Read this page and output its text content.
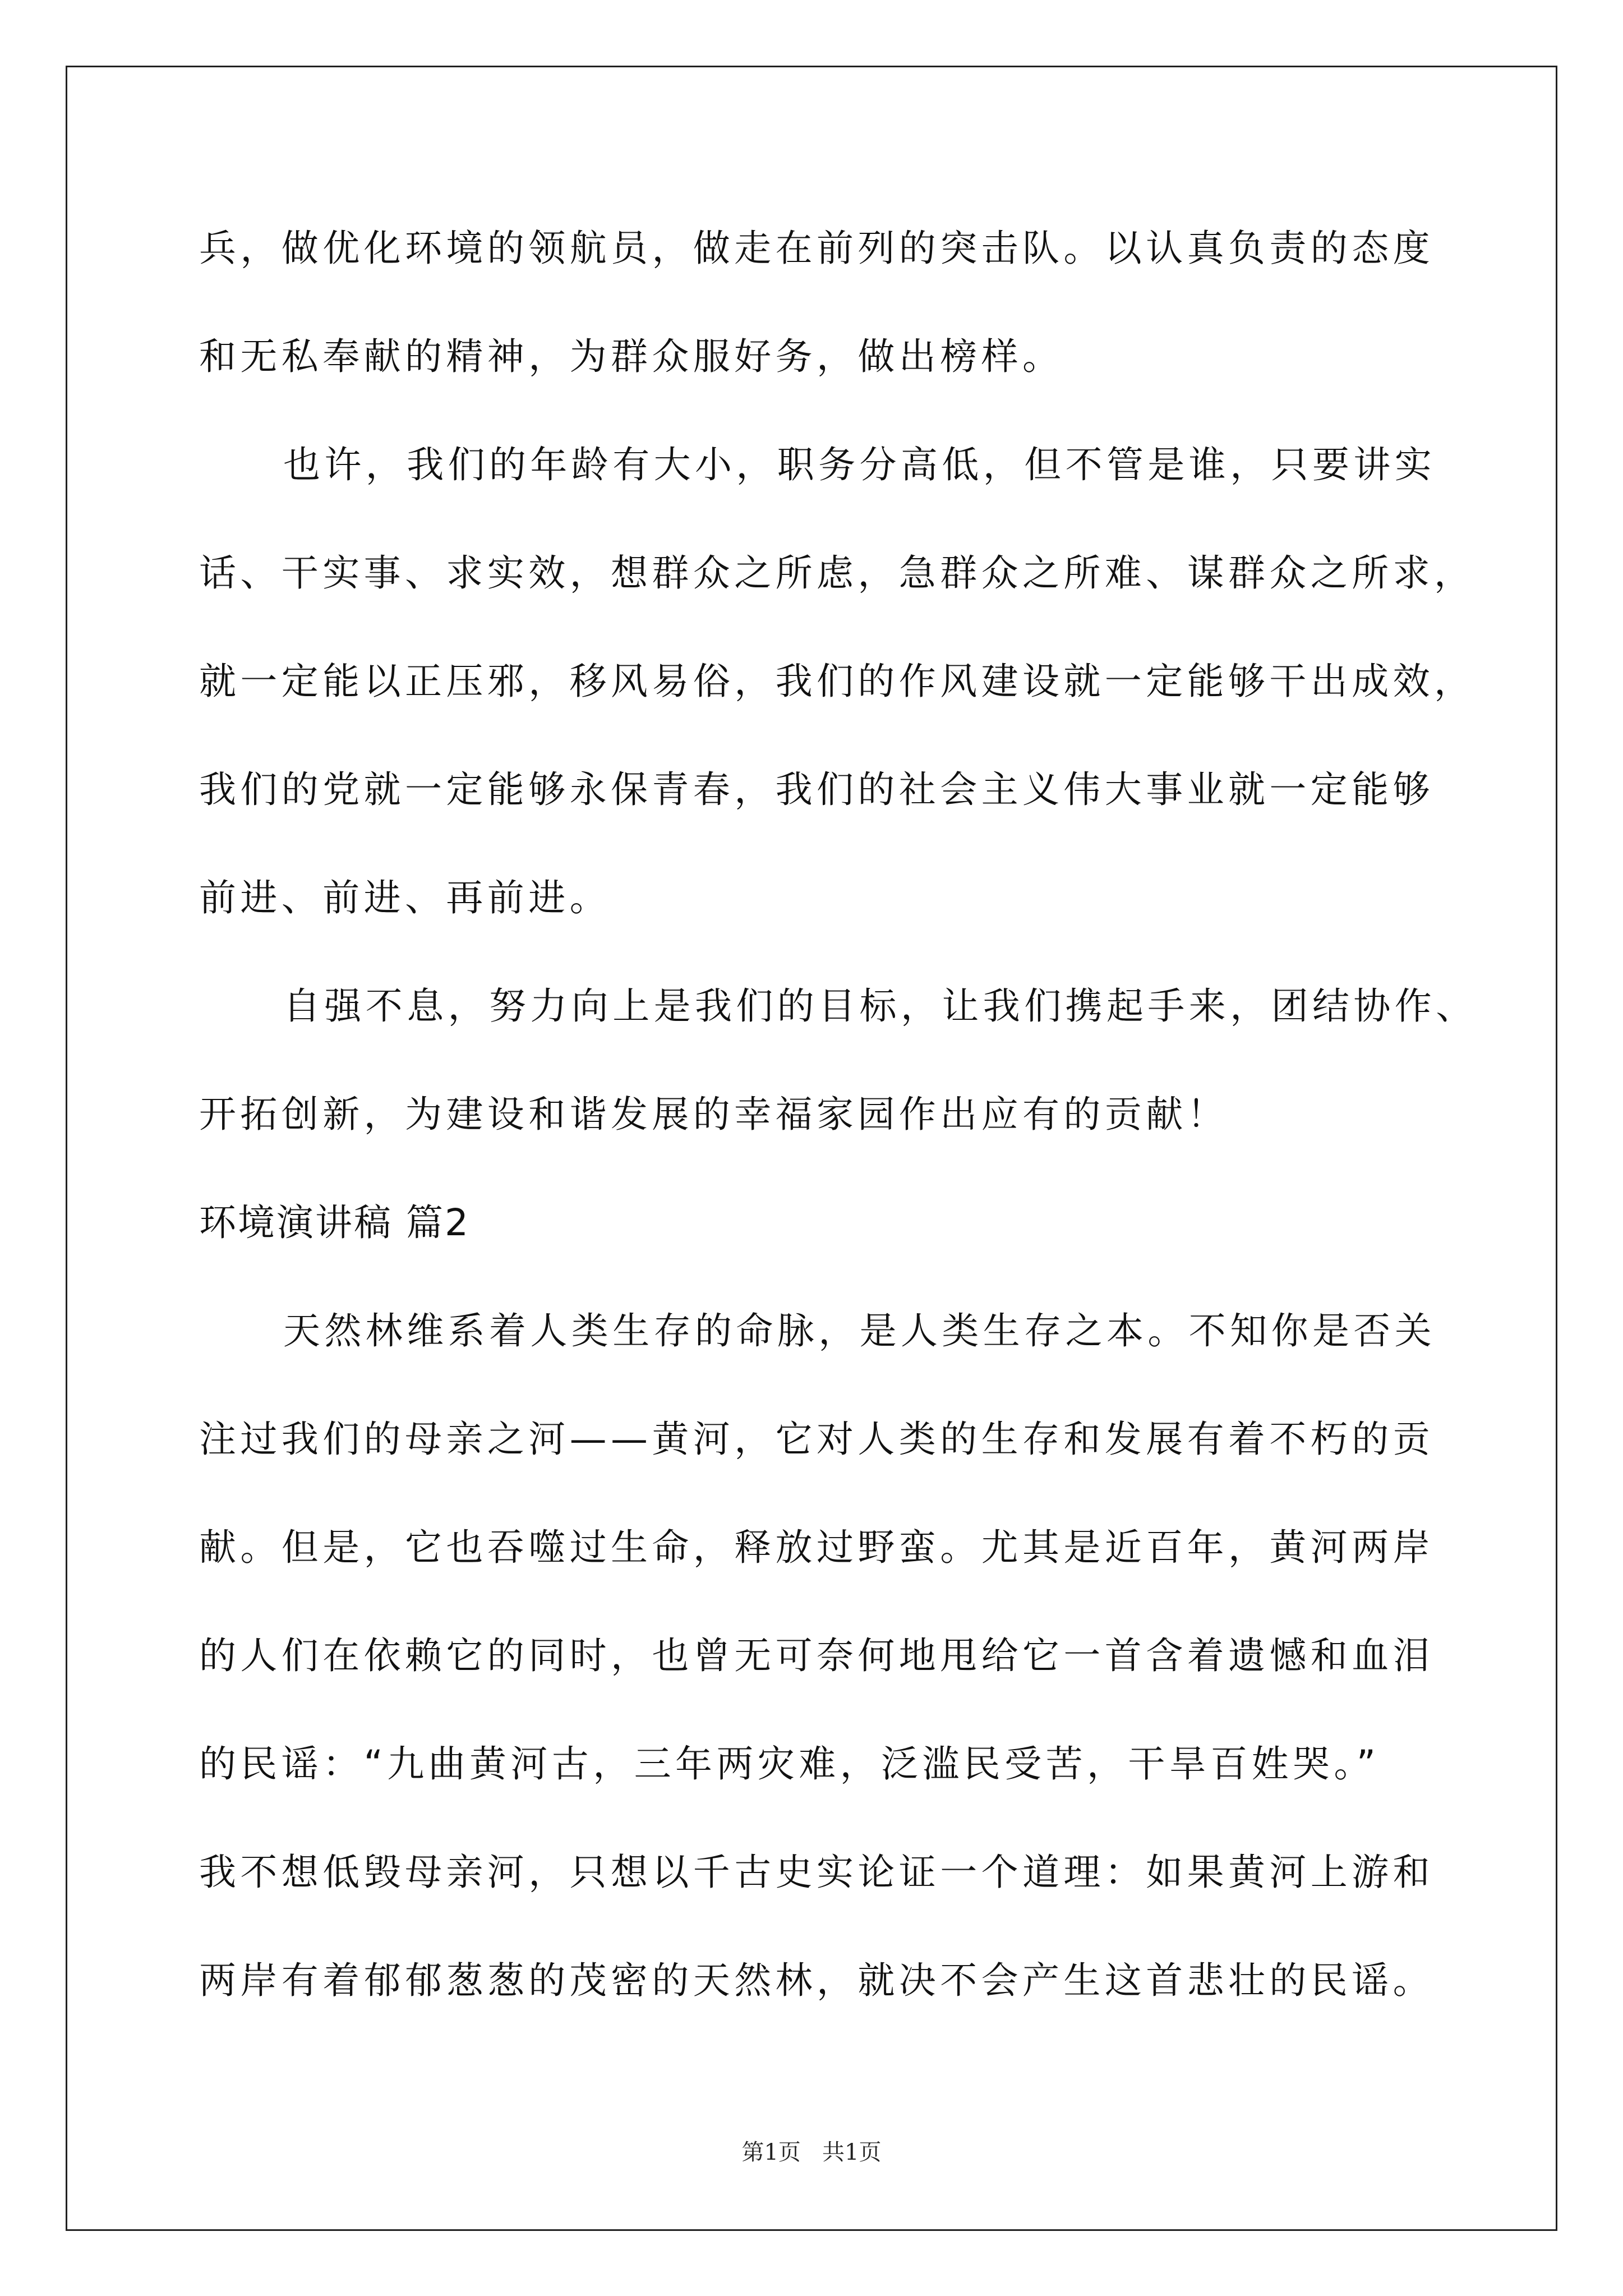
兵，做优化环境的领航员，做走在前列的突击队。以认真负责的态度
和无私奉献的精神，为群众服好务，做出榜样。
也许，我们的年龄有大小，职务分高低，但不管是谁，只要讲实
话、干实事、求实效，想群众之所虑，急群众之所难、谋群众之所求，
就一定能以正压邪，移风易俗，我们的作风建设就一定能够干出成效，
我们的党就一定能够永保青春，我们的社会主义伟大事业就一定能够
前进、前进、再前进。
自强不息，努力向上是我们的目标，让我们携起手来，团结协作、
开拓创新，为建设和谐发展的幸福家园作出应有的贡献！
环境演讲稿 篇2
天然林维系着人类生存的命脉，是人类生存之本。不知你是否关
注过我们的母亲之河——黄河，它对人类的生存和发展有着不朽的贡
献。但是，它也吞噬过生命，释放过野蛮。尤其是近百年，黄河两岸
的人们在依赖它的同时，也曾无可奈何地甩给它一首含着遗憾和血泪
的民谣：“九曲黄河古，三年两灾难，泛滥民受苦，干旱百姓哭。”
我不想低毁母亲河，只想以千古史实论证一个道理：如果黄河上游和
两岸有着郁郁葱葱的茂密的天然林，就决不会产生这首悲壮的民谣。
第1页   共1页
